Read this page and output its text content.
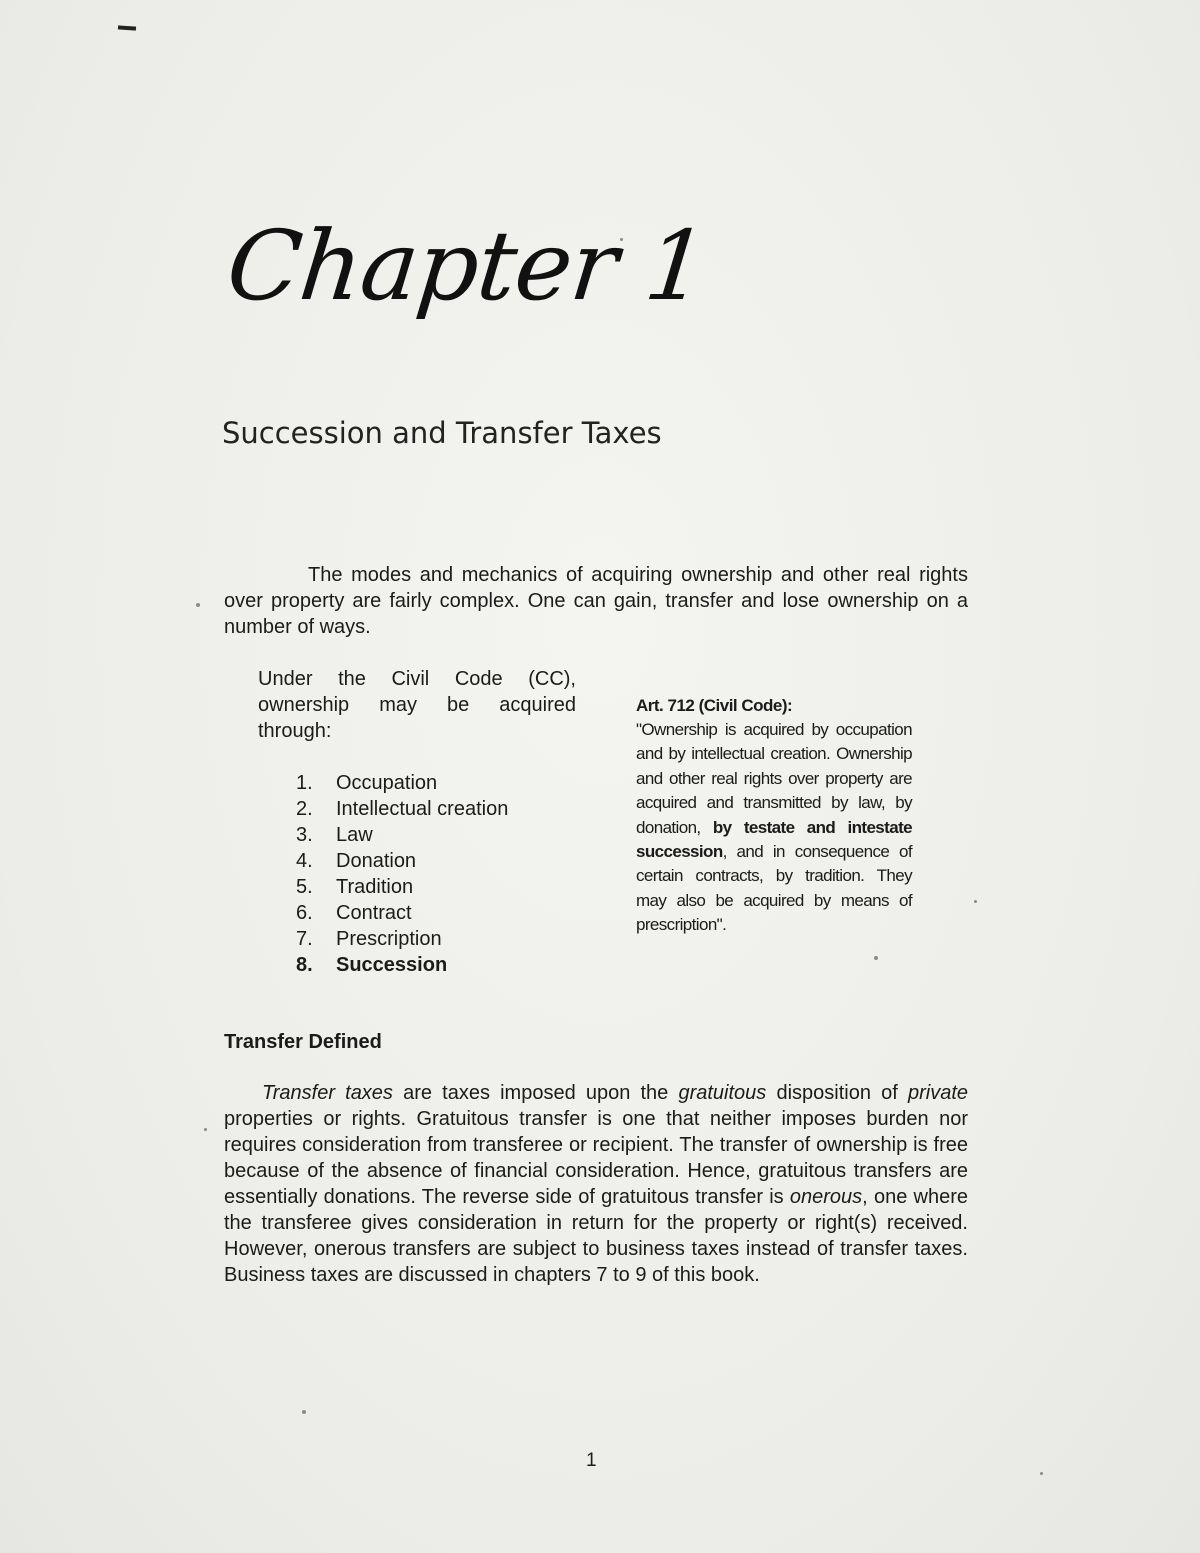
Chapter 1
Succession and Transfer Taxes

The modes and mechanics of acquiring ownership and other real rights over property are fairly complex. One can gain, transfer and lose ownership on a number of ways.

Under the Civil Code (CC), ownership may be acquired through:

1.	Occupation
2.	Intellectual creation
3.	Law
4.	Donation
5.	Tradition
6.	Contract
7.	Prescription
8.	Succession
Art. 712 (Civil Code):

"Ownership is acquired by occupation and by intellectual creation. Ownership and other real rights over property are acquired and transmitted by law, by donation, by testate and intestate succession, and in consequence of certain contracts, by tradition. They may also be acquired by means of prescription".

Transfer Defined

Transfer taxes are taxes imposed upon the gratuitous disposition of private properties or rights. Gratuitous transfer is one that neither imposes burden nor requires consideration from transferee or recipient. The transfer of ownership is free because of the absence of financial consideration. Hence, gratuitous transfers are essentially donations. The reverse side of gratuitous transfer is onerous, one where the transferee gives consideration in return for the property or right(s) received. However, onerous transfers are subject to business taxes instead of transfer taxes. Business taxes are discussed in chapters 7 to 9 of this book.

1
